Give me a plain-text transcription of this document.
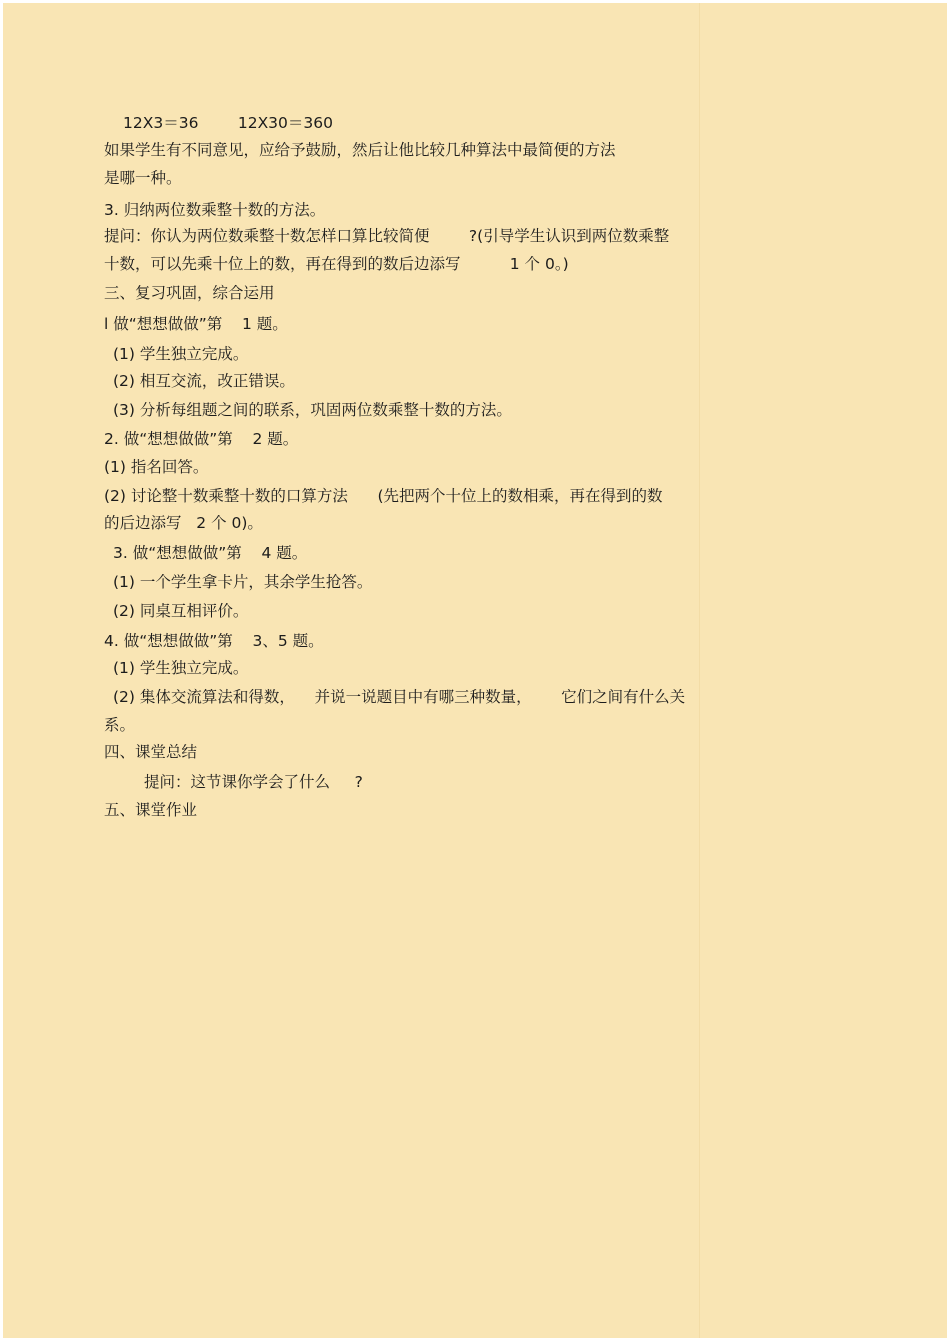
12X3＝36        12X30＝360
如果学生有不同意见，应给予鼓励，然后让他比较几种算法中最简便的方法
是哪一种。
3. 归纳两位数乘整十数的方法。
提问：你认为两位数乘整十数怎样口算比较简便        ?(引导学生认识到两位数乘整
十数，可以先乘十位上的数，再在得到的数后边添写          1 个 0。)
三、复习巩固，综合运用
l 做“想想做做”第    1 题。
(1) 学生独立完成。
(2) 相互交流，改正错误。
(3) 分析每组题之间的联系，巩固两位数乘整十数的方法。
2. 做“想想做做”第    2 题。
(1) 指名回答。
(2) 讨论整十数乘整十数的口算方法      (先把两个十位上的数相乘，再在得到的数
的后边添写   2 个 0)。
3. 做“想想做做”第    4 题。
(1) 一个学生拿卡片，其余学生抢答。
(2) 同桌互相评价。
4. 做“想想做做”第    3、5 题。
(1) 学生独立完成。
(2) 集体交流算法和得数，    并说一说题目中有哪三种数量，      它们之间有什么关
系。
四、课堂总结
提问：这节课你学会了什么     ?
五、课堂作业
